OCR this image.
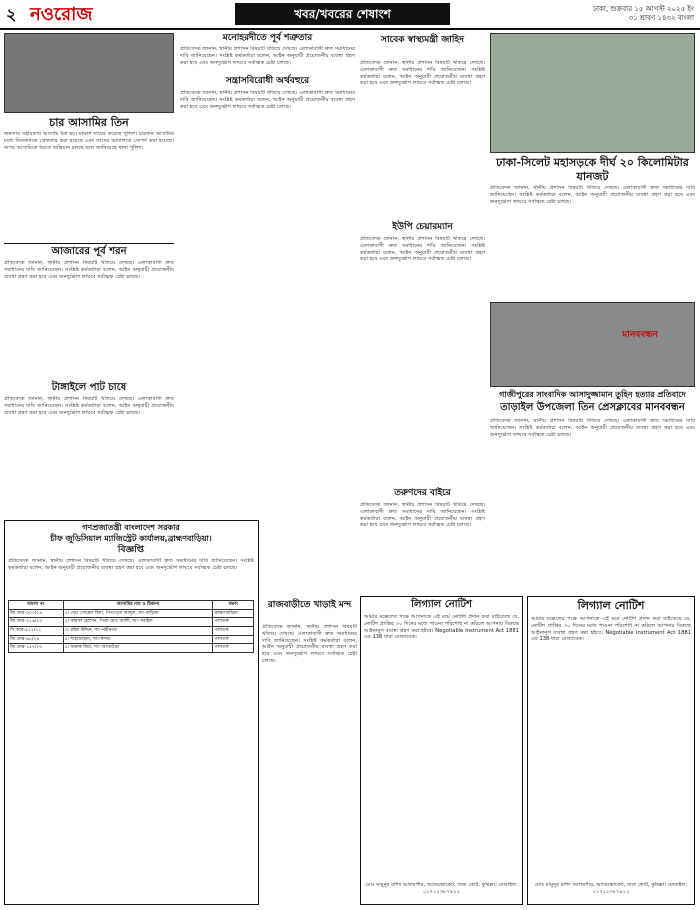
২ নওরোজ	খবর/খবরের শেষাংশ	ঢাকা, শুক্রবার ১৫ আগস্ট ২০২৫ ইং
৩১ শ্রাবণ ১৪৩২ বাংলা
চার আসামির তিন
জনতার সহায়তায় আসামি ধরা হয়। মামলা দায়ের করেছে পুলিশ। চারজন আসামির মধ্যে তিনজনকে গ্রেফতার করা হয়েছে এবং তাদের আদালতে সোপর্দ করা হয়েছে। অপর আসামিকে ধরতে অভিযান চলছে বলে জানিয়েছে থানা পুলিশ।
আজারের পূর্ব শরন
প্রতিবেদক জানান, স্থানীয় প্রশাসন বিষয়টি খতিয়ে দেখছে। এলাকাবাসী দ্রুত সমাধানের দাবি জানিয়েছেন। সংশ্লিষ্ট কর্মকর্তারা বলেন, আইন অনুযায়ী প্রয়োজনীয় ব্যবস্থা গ্রহণ করা হবে এবং জনদুর্ভোগ লাঘবে সর্বাত্মক চেষ্টা চলছে।
টাঙ্গাইলে পাট চাষে
প্রতিবেদক জানান, স্থানীয় প্রশাসন বিষয়টি খতিয়ে দেখছে। এলাকাবাসী দ্রুত সমাধানের দাবি জানিয়েছেন। সংশ্লিষ্ট কর্মকর্তারা বলেন, আইন অনুযায়ী প্রয়োজনীয় ব্যবস্থা গ্রহণ করা হবে এবং জনদুর্ভোগ লাঘবে সর্বাত্মক চেষ্টা চলছে।
মনোহরদীতে পূর্ব শত্রুতার
প্রতিবেদক জানান, স্থানীয় প্রশাসন বিষয়টি খতিয়ে দেখছে। এলাকাবাসী দ্রুত সমাধানের দাবি জানিয়েছেন। সংশ্লিষ্ট কর্মকর্তারা বলেন, আইন অনুযায়ী প্রয়োজনীয় ব্যবস্থা গ্রহণ করা হবে এবং জনদুর্ভোগ লাঘবে সর্বাত্মক চেষ্টা চলছে।
সন্ত্রাসবিরোধী অর্থবহুরে
প্রতিবেদক জানান, স্থানীয় প্রশাসন বিষয়টি খতিয়ে দেখছে। এলাকাবাসী দ্রুত সমাধানের দাবি জানিয়েছেন। সংশ্লিষ্ট কর্মকর্তারা বলেন, আইন অনুযায়ী প্রয়োজনীয় ব্যবস্থা গ্রহণ করা হবে এবং জনদুর্ভোগ লাঘবে সর্বাত্মক চেষ্টা চলছে।
সাবেক স্বাস্থ্যমন্ত্রী জাহিদ
প্রতিবেদক জানান, স্থানীয় প্রশাসন বিষয়টি খতিয়ে দেখছে। এলাকাবাসী দ্রুত সমাধানের দাবি জানিয়েছেন। সংশ্লিষ্ট কর্মকর্তারা বলেন, আইন অনুযায়ী প্রয়োজনীয় ব্যবস্থা গ্রহণ করা হবে এবং জনদুর্ভোগ লাঘবে সর্বাত্মক চেষ্টা চলছে।
ইউপি চেয়ারম্যান
প্রতিবেদক জানান, স্থানীয় প্রশাসন বিষয়টি খতিয়ে দেখছে। এলাকাবাসী দ্রুত সমাধানের দাবি জানিয়েছেন। সংশ্লিষ্ট কর্মকর্তারা বলেন, আইন অনুযায়ী প্রয়োজনীয় ব্যবস্থা গ্রহণ করা হবে এবং জনদুর্ভোগ লাঘবে সর্বাত্মক চেষ্টা চলছে।
তরুণদের বাইরে
প্রতিবেদক জানান, স্থানীয় প্রশাসন বিষয়টি খতিয়ে দেখছে। এলাকাবাসী দ্রুত সমাধানের দাবি জানিয়েছেন। সংশ্লিষ্ট কর্মকর্তারা বলেন, আইন অনুযায়ী প্রয়োজনীয় ব্যবস্থা গ্রহণ করা হবে এবং জনদুর্ভোগ লাঘবে সর্বাত্মক চেষ্টা চলছে।
ঢাকা-সিলেট মহাসড়কে দীর্ঘ ২০ কিলোমিটার যানজট
প্রতিবেদক জানান, স্থানীয় প্রশাসন বিষয়টি খতিয়ে দেখছে। এলাকাবাসী দ্রুত সমাধানের দাবি জানিয়েছেন। সংশ্লিষ্ট কর্মকর্তারা বলেন, আইন অনুযায়ী প্রয়োজনীয় ব্যবস্থা গ্রহণ করা হবে এবং জনদুর্ভোগ লাঘবে সর্বাত্মক চেষ্টা চলছে।
মানববন্ধন
গাজীপুরের সাংবাদিক আসাদুজ্জামান তুহিন হত্যার প্রতিবাদে
তাড়াইল উপজেলা তিন প্রেসক্লাবের মানববন্ধন
প্রতিবেদক জানান, স্থানীয় প্রশাসন বিষয়টি খতিয়ে দেখছে। এলাকাবাসী দ্রুত সমাধানের দাবি জানিয়েছেন। সংশ্লিষ্ট কর্মকর্তারা বলেন, আইন অনুযায়ী প্রয়োজনীয় ব্যবস্থা গ্রহণ করা হবে এবং জনদুর্ভোগ লাঘবে সর্বাত্মক চেষ্টা চলছে।
গণপ্রজাতন্ত্রী বাংলাদেশ সরকার
চীফ জুডিসিয়াল ম্যাজিস্ট্রেট কার্যালয়,ব্রাহ্মণবাড়িয়া।
বিজ্ঞপ্তি
প্রতিবেদক জানান, স্থানীয় প্রশাসন বিষয়টি খতিয়ে দেখছে। এলাকাবাসী দ্রুত সমাধানের দাবি জানিয়েছেন। সংশ্লিষ্ট কর্মকর্তারা বলেন, আইন অনুযায়ী প্রয়োজনীয় ব্যবস্থা গ্রহণ করা হবে এবং জনদুর্ভোগ লাঘবে সর্বাত্মক চেষ্টা চলছে।
মামলা নং	আসামির নাম ও ঠিকানা	মন্তব্য
জি.আর-৩০০/২৪	১। মোঃ সোহেল মিয়া, পিতা-মৃত আব্দুল, সাং-বাড়িয়া	ব্রাহ্মণবাড়িয়া
জি.আর-২১৬/২৩	২। কামাল হোসেন, পিতা-মোঃ আলী, সাং-সরাইল	পলাতক
সি.আর-৪১২/২২	৩। রহিম উদ্দিন, সাং-নবীনগর	পলাতক
জি.আর-৯৮/২৪	৪। শাহাজাহান, সাং-কসবা	পলাতক
জি.আর-১৫৭/২৩	৫। ফারুক মিয়া, সাং-আখাউড়া	পলাতক
রাজবাড়ীতে খাড়াই মন্দ
প্রতিবেদক জানান, স্থানীয় প্রশাসন বিষয়টি খতিয়ে দেখছে। এলাকাবাসী দ্রুত সমাধানের দাবি জানিয়েছেন। সংশ্লিষ্ট কর্মকর্তারা বলেন, আইন অনুযায়ী প্রয়োজনীয় ব্যবস্থা গ্রহণ করা হবে এবং জনদুর্ভোগ লাঘবে সর্বাত্মক চেষ্টা চলছে।
লিগ্যাল নোটিশ
আমার মক্কেলের পক্ষে আপনাকে এই মর্মে নোটিশ প্রদান করা যাইতেছে যে, নোটিশ প্রাপ্তির ৩০ দিনের মধ্যে পাওনা পরিশোধ না করিলে আপনার বিরুদ্ধে আইনানুগ ব্যবস্থা গ্রহণ করা হইবে। Negotiable Instrument Act 1881 এর 138 ধারা মোতাবেক।
মোঃ মামুনুর রশিদ আলমগীর, অ্যাডভোকেট, জজ কোর্ট, কুমিল্লা। মোবাইল: ০১৭১২৩৮৭৯২২
লিগ্যাল নোটিশ
আমার মক্কেলের পক্ষে আপনাকে এই মর্মে নোটিশ প্রদান করা যাইতেছে যে, নোটিশ প্রাপ্তির ৩০ দিনের মধ্যে পাওনা পরিশোধ না করিলে আপনার বিরুদ্ধে আইনানুগ ব্যবস্থা গ্রহণ করা হইবে। Negotiable Instrument Act 1881 এর 138 ধারা মোতাবেক।
মোঃ মামুনুর রশিদ আলমগীর, অ্যাডভোকেট, জজ কোর্ট, কুমিল্লা। মোবাইল: ০১৭১২৩৮৭৯২২
